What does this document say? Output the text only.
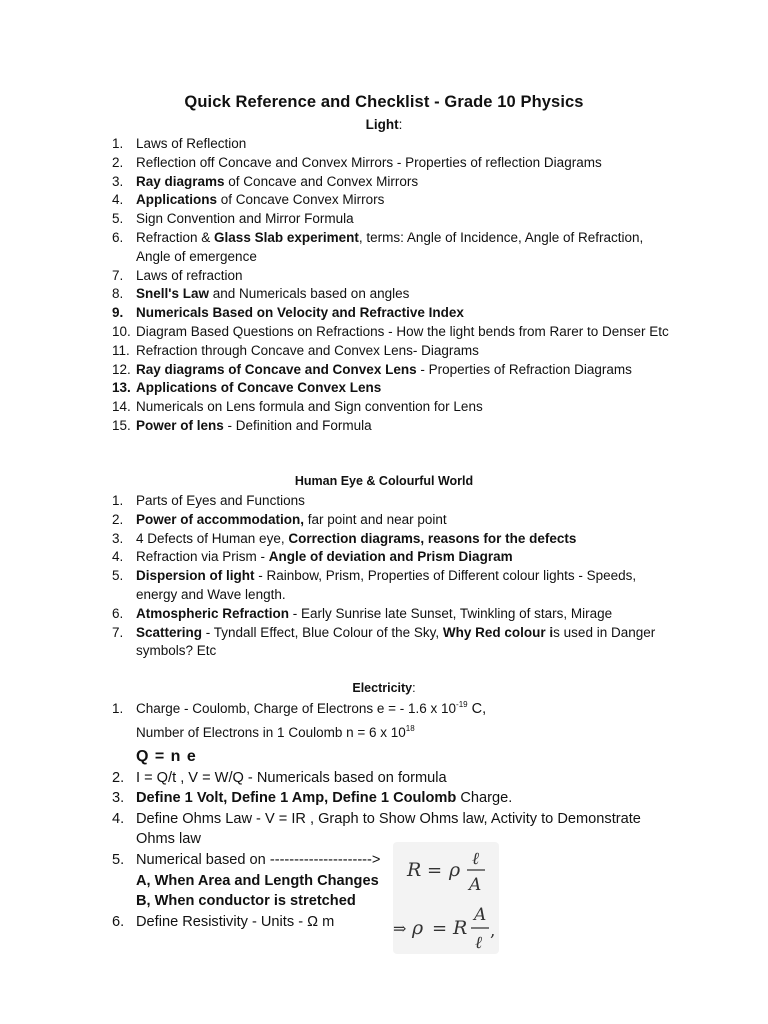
Quick Reference and Checklist - Grade 10 Physics
Light:
1. Laws of Reflection
2. Reflection off Concave and Convex Mirrors - Properties of reflection Diagrams
3. Ray diagrams of Concave and Convex Mirrors
4. Applications of Concave Convex Mirrors
5. Sign Convention and Mirror Formula
6. Refraction & Glass Slab experiment, terms: Angle of Incidence, Angle of Refraction, Angle of emergence
7. Laws of refraction
8. Snell's Law and Numericals based on angles
9. Numericals Based on Velocity and Refractive Index
10. Diagram Based Questions on Refractions - How the light bends from Rarer to Denser Etc
11. Refraction through Concave and Convex Lens- Diagrams
12. Ray diagrams of Concave and Convex Lens - Properties of Refraction Diagrams
13. Applications of Concave Convex Lens
14. Numericals on Lens formula and Sign convention for Lens
15. Power of lens - Definition and Formula
Human Eye & Colourful World
1. Parts of Eyes and Functions
2. Power of accommodation, far point and near point
3. 4 Defects of Human eye, Correction diagrams, reasons for the defects
4. Refraction via Prism - Angle of deviation and Prism Diagram
5. Dispersion of light - Rainbow, Prism, Properties of Different colour lights - Speeds, energy and Wave length.
6. Atmospheric Refraction - Early Sunrise late Sunset, Twinkling of stars, Mirage
7. Scattering - Tyndall Effect, Blue Colour of the Sky, Why Red colour is used in Danger symbols? Etc
Electricity:
1. Charge - Coulomb, Charge of Electrons e = - 1.6 x $10^{-19}$ C,
Number of Electrons in 1 Coulomb n = 6 x $10^{18}$
Q = n e
2. I = Q/t , V = W/Q - Numericals based on formula
3. Define 1 Volt, Define 1 Amp, Define 1 Coulomb Charge.
4. Define Ohms Law - V = IR , Graph to Show Ohms law, Activity to Demonstrate Ohms law
5. Numerical based on --------------------->
A, When Area and Length Changes
B, When conductor is stretched
6. Define Resistivity - Units - Ω m
R = ρ ℓ
A
⇒ ρ = R
A
ℓ
,
